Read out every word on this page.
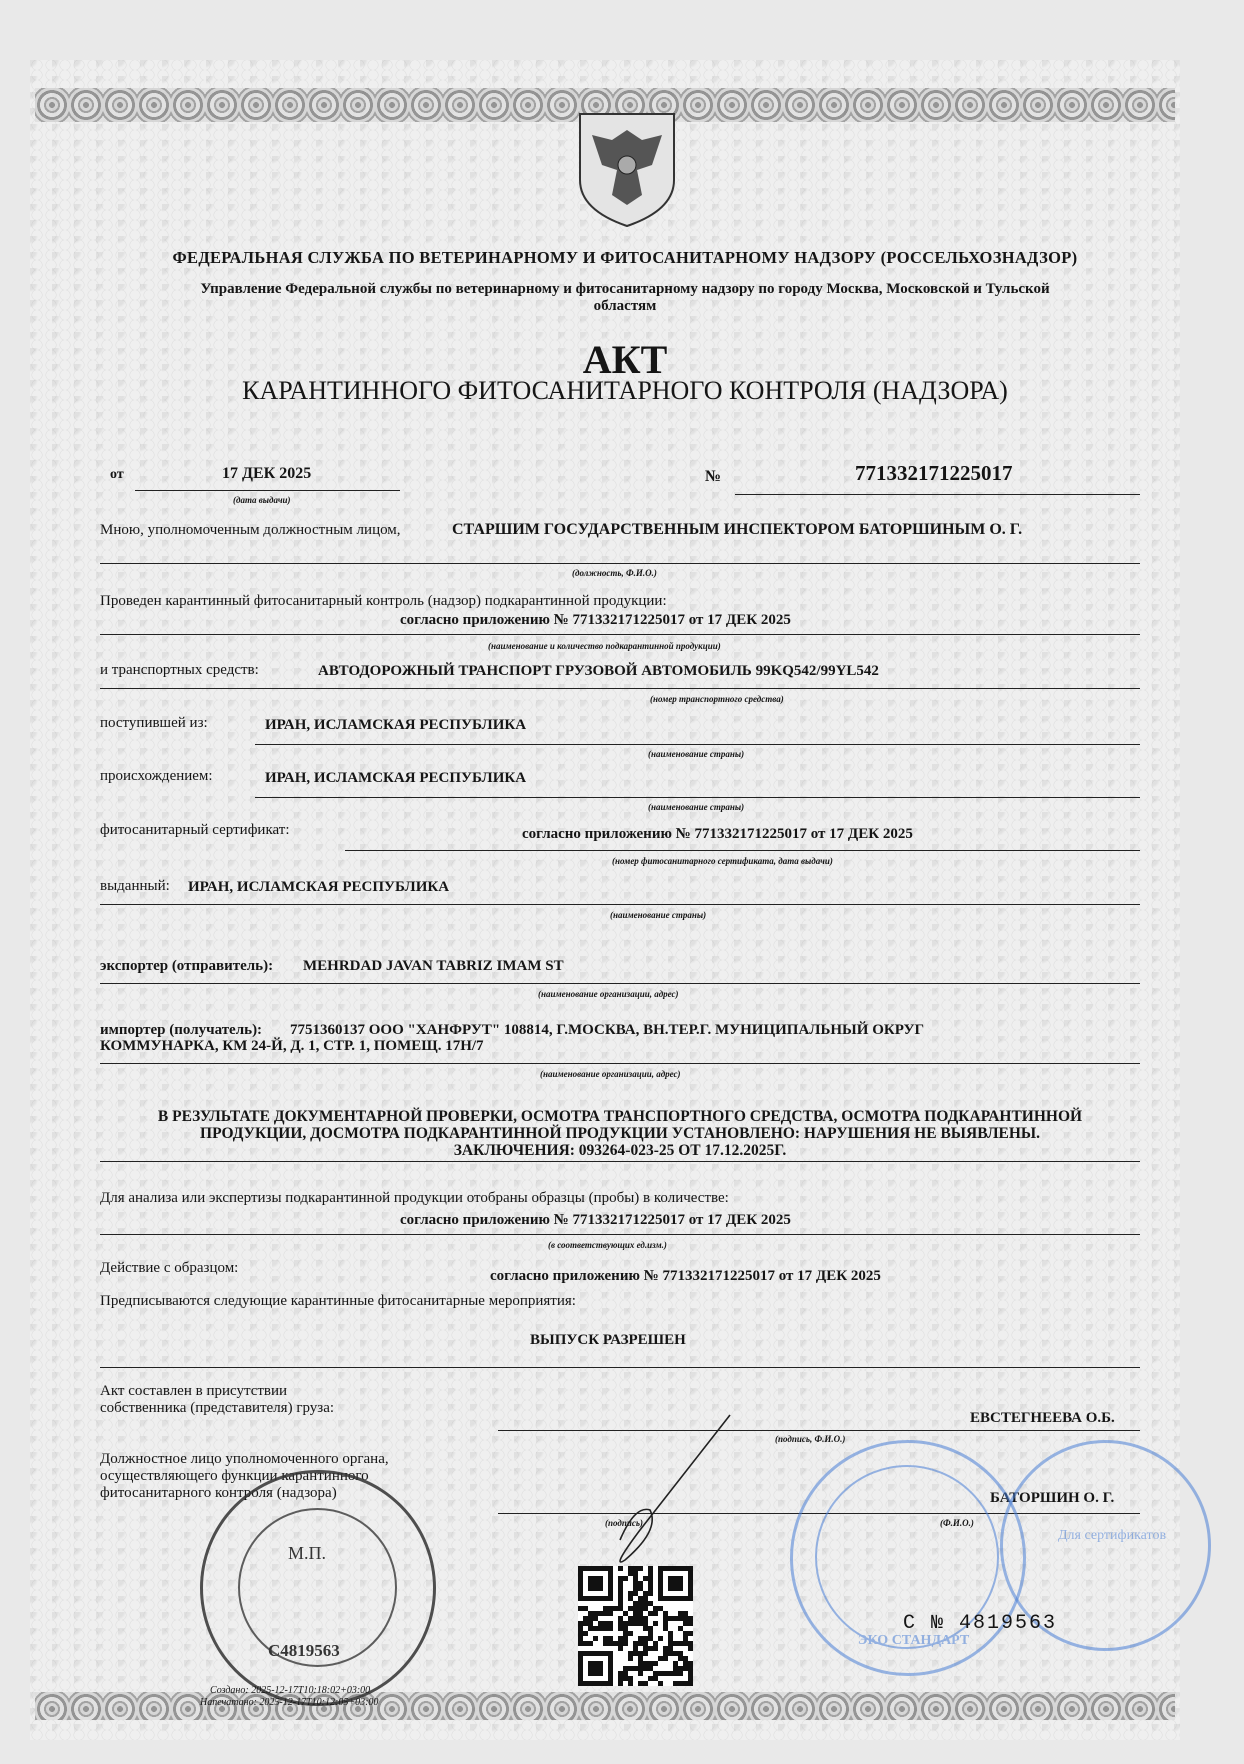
ФЕДЕРАЛЬНАЯ СЛУЖБА ПО ВЕТЕРИНАРНОМУ И ФИТОСАНИТАРНОМУ НАДЗОРУ (РОССЕЛЬХОЗНАДЗОР)
Управление Федеральной службы по ветеринарному и фитосанитарному надзору по городу Москва, Московской и Тульской
областям
АКТ
КАРАНТИННОГО ФИТОСАНИТАРНОГО КОНТРОЛЯ (НАДЗОРА)
от	17 ДЕК 2025
(дата выдачи)
№	771332171225017
Мною, уполномоченным должностным лицом,	СТАРШИМ ГОСУДАРСТВЕННЫМ ИНСПЕКТОРОМ БАТОРШИНЫМ О. Г.
(должность, Ф.И.О.)
Проведен карантинный фитосанитарный контроль (надзор) подкарантинной продукции:
согласно приложению № 771332171225017 от 17 ДЕК 2025
(наименование и количество подкарантинной продукции)
и транспортных средств:	АВТОДОРОЖНЫЙ ТРАНСПОРТ ГРУЗОВОЙ АВТОМОБИЛЬ 99KQ542/99YL542
(номер транспортного средства)
поступившей из:	ИРАН, ИСЛАМСКАЯ РЕСПУБЛИКА
(наименование страны)
происхождением:	ИРАН, ИСЛАМСКАЯ РЕСПУБЛИКА
(наименование страны)
фитосанитарный сертификат:	согласно приложению № 771332171225017 от 17 ДЕК 2025
(номер фитосанитарного сертификата, дата выдачи)
выданный: ИРАН, ИСЛАМСКАЯ РЕСПУБЛИКА
(наименование страны)
экспортер (отправитель): MEHRDAD JAVAN TABRIZ IMAM ST
(наименование организации, адрес)
импортер (получатель): 7751360137 ООО "ХАНФРУТ" 108814, Г.МОСКВА, ВН.ТЕР.Г. МУНИЦИПАЛЬНЫЙ ОКРУГ
КОММУНАРКА, КМ 24-Й, Д. 1, СТР. 1, ПОМЕЩ. 17Н/7
(наименование организации, адрес)
В РЕЗУЛЬТАТЕ ДОКУМЕНТАРНОЙ ПРОВЕРКИ, ОСМОТРА ТРАНСПОРТНОГО СРЕДСТВА, ОСМОТРА ПОДКАРАНТИННОЙ
ПРОДУКЦИИ, ДОСМОТРА ПОДКАРАНТИННОЙ ПРОДУКЦИИ УСТАНОВЛЕНО: НАРУШЕНИЯ НЕ ВЫЯВЛЕНЫ.
ЗАКЛЮЧЕНИЯ: 093264-023-25 ОТ 17.12.2025Г.
Для анализа или экспертизы подкарантинной продукции отобраны образцы (пробы) в количестве:
согласно приложению № 771332171225017 от 17 ДЕК 2025
(в соответствующих ед.изм.)
Действие с образцом:	согласно приложению № 771332171225017 от 17 ДЕК 2025
Предписываются следующие карантинные фитосанитарные мероприятия:
ВЫПУСК РАЗРЕШЕН
Акт составлен в присутствии
собственника (представителя) груза:
ЕВСТЕГНЕЕВА О.Б.
(подпись, Ф.И.О.)
Должностное лицо уполномоченного органа,
осуществляющего функции карантинного
фитосанитарного контроля (надзора)	БАТОРШИН О. Г.
(подпись)	(Ф.И.О.)
М.П.
C4819563
Создано: 2025-12-17T10:18:02+03:00
Напечатано: 2025-12-17T10:12:05+03:00
ЭКО СТАНДАРТ
Для сертификатов
С № 4819563
